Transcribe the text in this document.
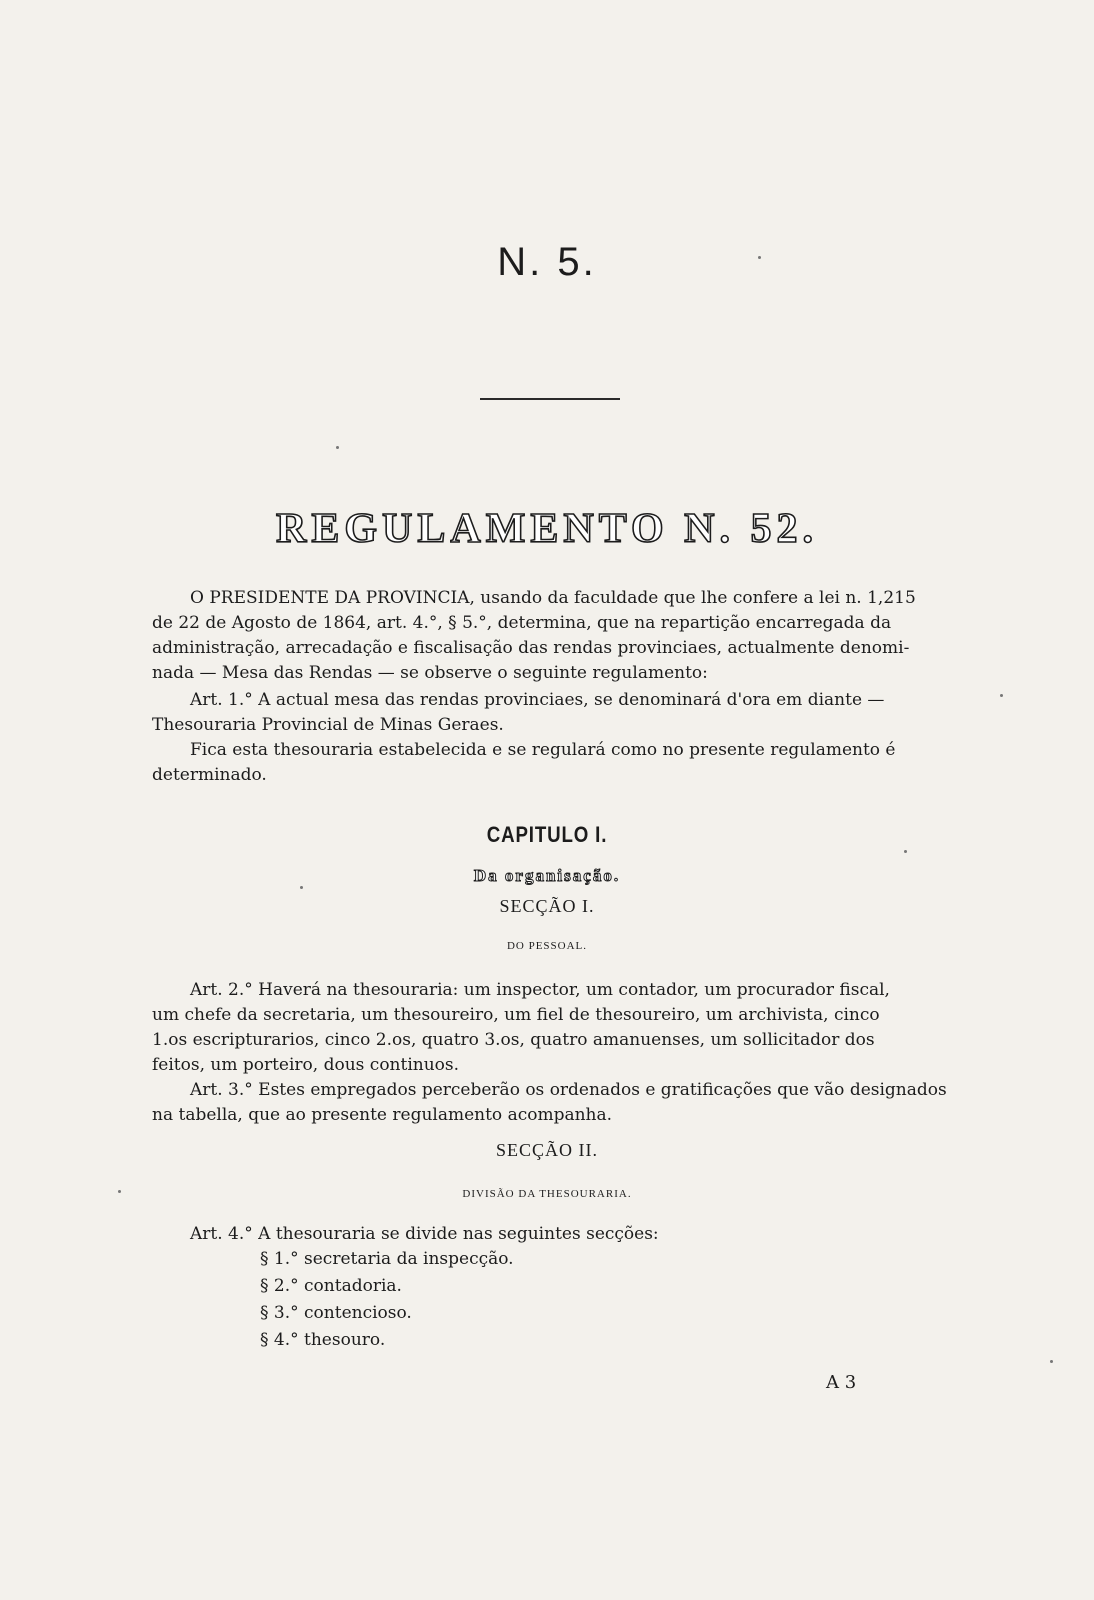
N. 5.
REGULAMENTO N. 52.

O PRESIDENTE DA PROVINCIA, usando da faculdade que lhe confere a lei n. 1,215

de 22 de Agosto de 1864, art. 4.°, § 5.°, determina, que na repartição encarregada da

administração, arrecadação e fiscalisação das rendas provinciaes, actualmente denomi-

nada — Mesa das Rendas — se observe o seguinte regulamento:

Art. 1.° A actual mesa das rendas provinciaes, se denominará d'ora em diante —

Thesouraria Provincial de Minas Geraes.

Fica esta thesouraria estabelecida e se regulará como no presente regulamento é

determinado.

CAPITULO I.
Da organisação.
SECÇÃO I.
DO PESSOAL.

Art. 2.° Haverá na thesouraria: um inspector, um contador, um procurador fiscal,

um chefe da secretaria, um thesoureiro, um fiel de thesoureiro, um archivista, cinco

1.os escripturarios, cinco 2.os, quatro 3.os, quatro amanuenses, um sollicitador dos

feitos, um porteiro, dous continuos.

Art. 3.° Estes empregados perceberão os ordenados e gratificações que vão designados

na tabella, que ao presente regulamento acompanha.

SECÇÃO II.
DIVISÃO DA THESOURARIA.

Art. 4.° A thesouraria se divide nas seguintes secções:

§ 1.° secretaria da inspecção.
§ 2.° contadoria.
§ 3.° contencioso.
§ 4.° thesouro.
A 3
